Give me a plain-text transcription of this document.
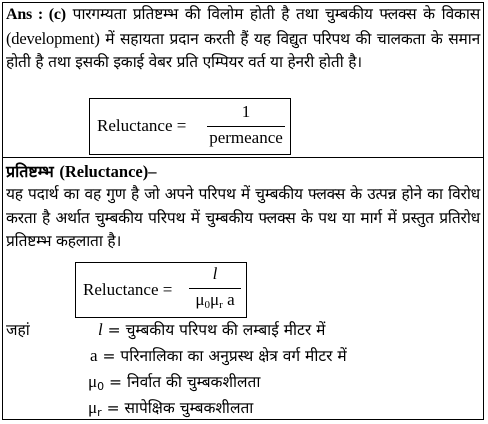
Ans : (c) पारगम्यता प्रतिष्टम्भ की विलोम होती है तथा चुम्बकीय फ्लक्स के विकास (development) में सहायता प्रदान करती हैं यह विद्युत परिपथ की चालकता के समान होती है तथा इसकी इकाई वेबर प्रति एम्पियर वर्त या हेनरी होती है।
Reluctance =
1
permeance
प्रतिष्टम्भ (Reluctance)–
यह पदार्थ का वह गुण है जो अपने परिपथ में चुम्बकीय फ्लक्स के उत्पन्न होने का विरोध करता है अर्थात चुम्बकीय परिपथ में चुम्बकीय फ्लक्स के पथ या मार्ग में प्रस्तुत प्रतिरोध प्रतिष्टम्भ कहलाता है।
Reluctance =
l
$\mu_0\mu_r$ a
जहां	l = चुम्बकीय परिपथ की लम्बाई मीटर में
a = परिनालिका का अनुप्रस्थ क्षेत्र वर्ग मीटर में
$\mu_0$ = निर्वात की चुम्बकशीलता
$\mu_r$ = सापेक्षिक चुम्बकशीलता
